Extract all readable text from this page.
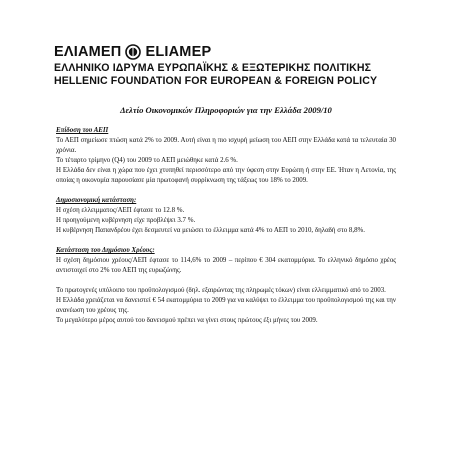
ΕΛΙΑΜΕΠ ELIAMEP
ΕΛΛΗΝΙΚΟ ΙΔΡΥΜΑ ΕΥΡΩΠΑΪΚΗΣ & ΕΞΩΤΕΡΙΚΗΣ ΠΟΛΙΤΙΚΗΣ
HELLENIC FOUNDATION FOR EUROPEAN & FOREIGN POLICY
Δελτίο Οικονομικών Πληροφοριών για την Ελλάδα 2009/10

Επίδοση του ΑΕΠ

Το ΑΕΠ σημείωσε πτώση κατά 2% το 2009. Αυτή είναι η πιο ισχυρή μείωση του ΑΕΠ στην Ελλάδα κατά τα τελευταία 30 χρόνια.

Το τέταρτο τρίμηνο (Q4) του 2009 το ΑΕΠ μειώθηκε κατά 2.6 %.

Η Ελλάδα δεν είναι η χώρα που έχει χτυπηθεί περισσότερο από την ύφεση στην Ευρώπη ή στην ΕΕ. Ήταν η Λετονία, της οποίας η οικονομία παρουσίασε μία πρωτοφανή συρρίκνωση της τάξεως του 18% το 2009.

Δημοσιονομική κατάσταση:

Η σχέση ελλειμματος/ΑΕΠ έφτασε το 12.8 %.

Η προηγούμενη κυβέρνηση είχε προβλέψει 3.7 %.

Η κυβέρνηση Παπανδρέου έχει δεσμευτεί να μειώσει το έλλειμμα κατά 4% το ΑΕΠ το 2010, δηλαδή στο 8,8%.

Κατάσταση του Δημόσιου Χρέους:

Η σχέση δημόσιου χρέους/ΑΕΠ έφτασε το 114,6% το 2009 – περίπου € 304 εκατομμύρια. Το ελληνικό δημόσιο χρέος αντιστοιχεί στο 2% του ΑΕΠ της ευρωζώνης.

Το πρωτογενές υπόλοιπο του προϋπολογισμού (δηλ. εξαιρώντας της πληρωμές τόκων) είναι ελλειμματικό από το 2003.

Η Ελλάδα χρειάζεται να δανειστεί € 54 εκατομμύρια το 2009 για να καλύψει το έλλειμμα του προϋπολογισμού της και την ανανέωση του χρέους της.

Το μεγαλύτερο μέρος αυτού του δανεισμού πρέπει να γίνει στους πρώτους έξι μήνες του 2009.
